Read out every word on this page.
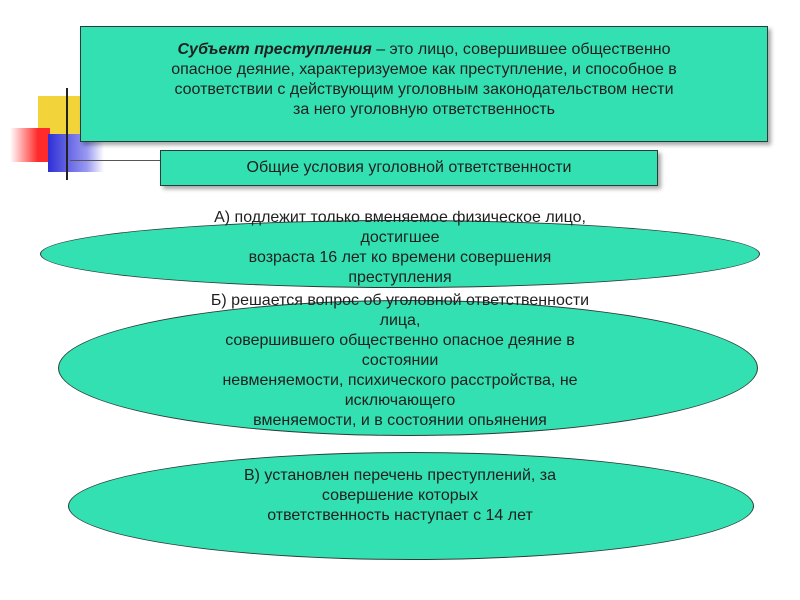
Субъект преступления – это лицо, совершившее общественно
опасное деяние, характеризуемое как преступление, и способное в
соответствии с действующим уголовным законодательством нести
за него уголовную ответственность
Общие условия уголовной ответственности
А) подлежит только вменяемое физическое лицо,
достигшее
возраста 16 лет ко времени совершения
преступления
Б) решается вопрос об уголовной ответственности
лица,
совершившего общественно опасное деяние в
состоянии
невменяемости, психического расстройства, не
исключающего
вменяемости, и в состоянии опьянения
В) установлен перечень преступлений, за
совершение которых
ответственность наступает с 14 лет
